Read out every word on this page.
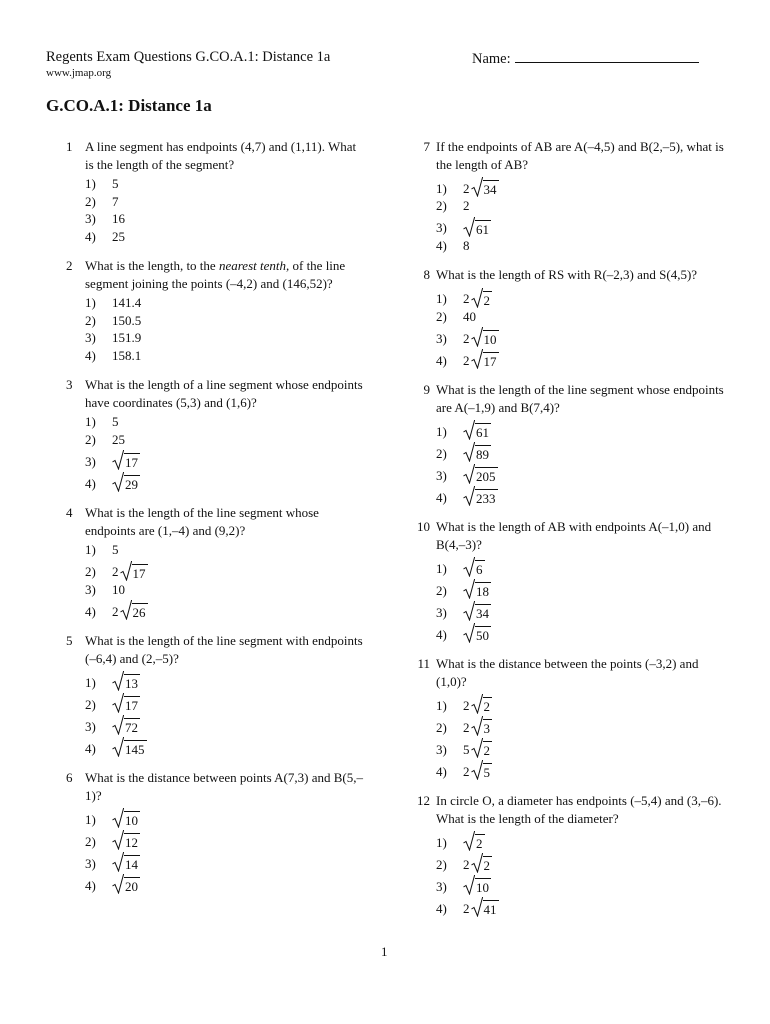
Regents Exam Questions G.CO.A.1: Distance 1a
www.jmap.org
Name:
G.CO.A.1: Distance 1a
1 A line segment has endpoints (4,7) and (1,11). What is the length of the segment?
1)	5
2)	7
3)	16
4)	25
2 What is the length, to the nearest tenth, of the line segment joining the points (–4,2) and (146,52)?
1)	141.4
2)	150.5
3)	151.9
4)	158.1
3 What is the length of a line segment whose endpoints have coordinates (5,3) and (1,6)?
1)	5
2)	25
3)	17
4)	29
4 What is the length of the line segment whose endpoints are (1,–4) and (9,2)?
1)	5
2)	2 17
3)	10
4)	2 26
5 What is the length of the line segment with endpoints (–6,4) and (2,–5)?
1)	13
2)	17
3)	72
4)	145
6 What is the distance between points A(7,3) and B(5,–1)?
1)	10
2)	12
3)	14
4)	20
7 If the endpoints of AB are A(–4,5) and B(2,–5), what is the length of AB?
1)	2 34
2)	2
3)	61
4)	8
8 What is the length of RS with R(–2,3) and S(4,5)?
1)	2 2
2)	40
3)	2 10
4)	2 17
9 What is the length of the line segment whose endpoints are A(–1,9) and B(7,4)?
1)	61
2)	89
3)	205
4)	233
10 What is the length of AB with endpoints A(–1,0) and B(4,–3)?
1)	6
2)	18
3)	34
4)	50
11 What is the distance between the points (–3,2) and (1,0)?
1)	2 2
2)	2 3
3)	5 2
4)	2 5
12 In circle O, a diameter has endpoints (–5,4) and (3,–6). What is the length of the diameter?
1)	2
2)	2 2
3)	10
4)	2 41
1
